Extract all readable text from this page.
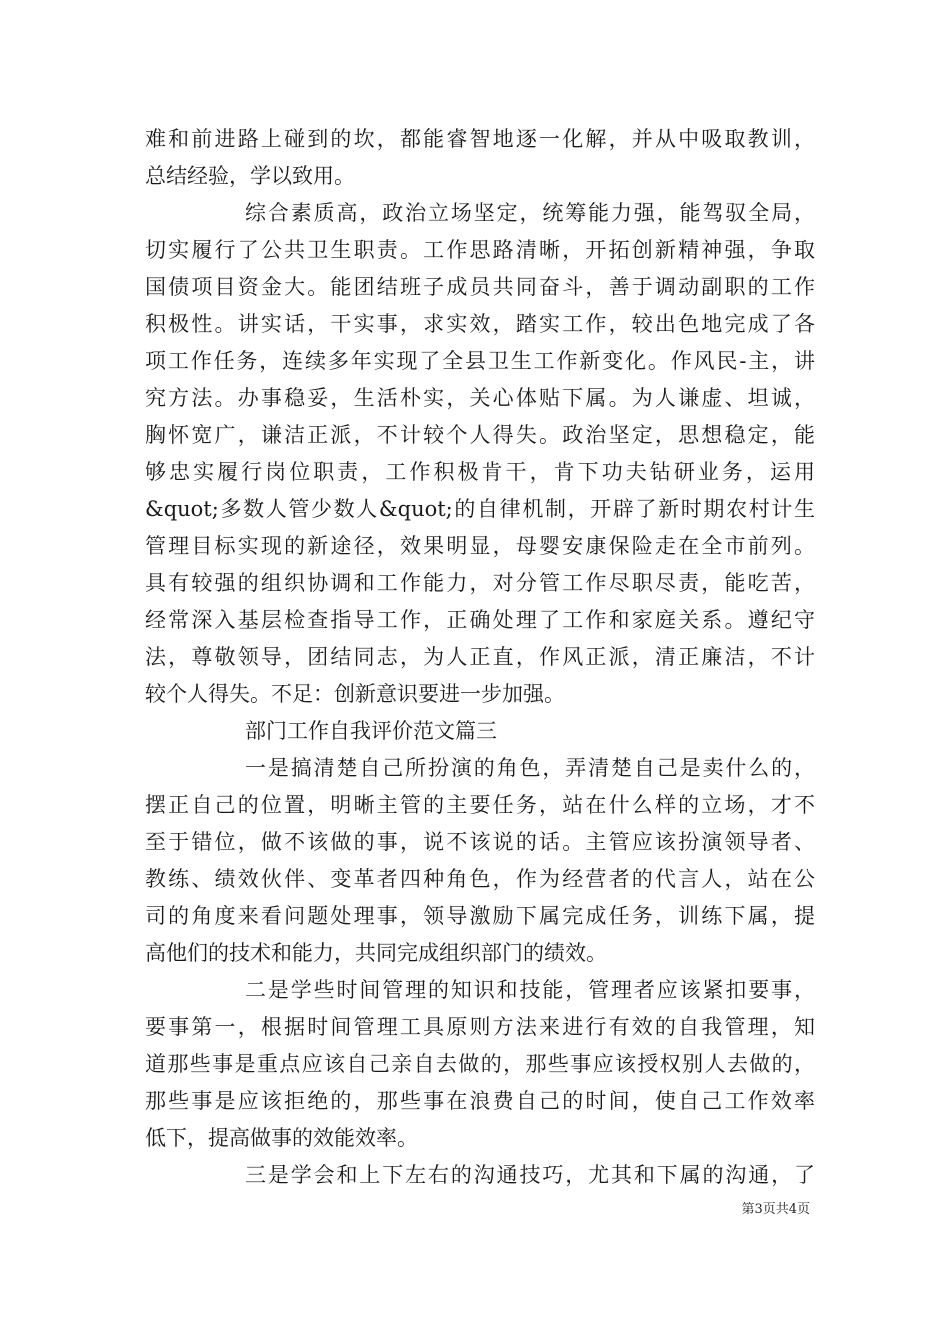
难和前进路上碰到的坎，都能睿智地逐一化解，并从中吸取教训，
总结经验，学以致用。
综合素质高，政治立场坚定，统筹能力强，能驾驭全局，
切实履行了公共卫生职责。工作思路清晰，开拓创新精神强，争取
国债项目资金大。能团结班子成员共同奋斗，善于调动副职的工作
积极性。讲实话，干实事，求实效，踏实工作，较出色地完成了各
项工作任务，连续多年实现了全县卫生工作新变化。作风民-主，讲
究方法。办事稳妥，生活朴实，关心体贴下属。为人谦虚、坦诚，
胸怀宽广，谦洁正派，不计较个人得失。政治坚定，思想稳定，能
够忠实履行岗位职责，工作积极肯干，肯下功夫钻研业务，运用
&quot;多数人管少数人&quot;的自律机制，开辟了新时期农村计生
管理目标实现的新途径，效果明显，母婴安康保险走在全市前列。
具有较强的组织协调和工作能力，对分管工作尽职尽责，能吃苦，
经常深入基层检查指导工作，正确处理了工作和家庭关系。遵纪守
法，尊敬领导，团结同志，为人正直，作风正派，清正廉洁，不计
较个人得失。不足：创新意识要进一步加强。
部门工作自我评价范文篇三
一是搞清楚自己所扮演的角色，弄清楚自己是卖什么的，
摆正自己的位置，明晰主管的主要任务，站在什么样的立场，才不
至于错位，做不该做的事，说不该说的话。主管应该扮演领导者、
教练、绩效伙伴、变革者四种角色，作为经营者的代言人，站在公
司的角度来看问题处理事，领导激励下属完成任务，训练下属，提
高他们的技术和能力，共同完成组织部门的绩效。
二是学些时间管理的知识和技能，管理者应该紧扣要事，
要事第一，根据时间管理工具原则方法来进行有效的自我管理，知
道那些事是重点应该自己亲自去做的，那些事应该授权别人去做的，
那些事是应该拒绝的，那些事在浪费自己的时间，使自己工作效率
低下，提高做事的效能效率。
三是学会和上下左右的沟通技巧，尤其和下属的沟通，了
第3页共4页
